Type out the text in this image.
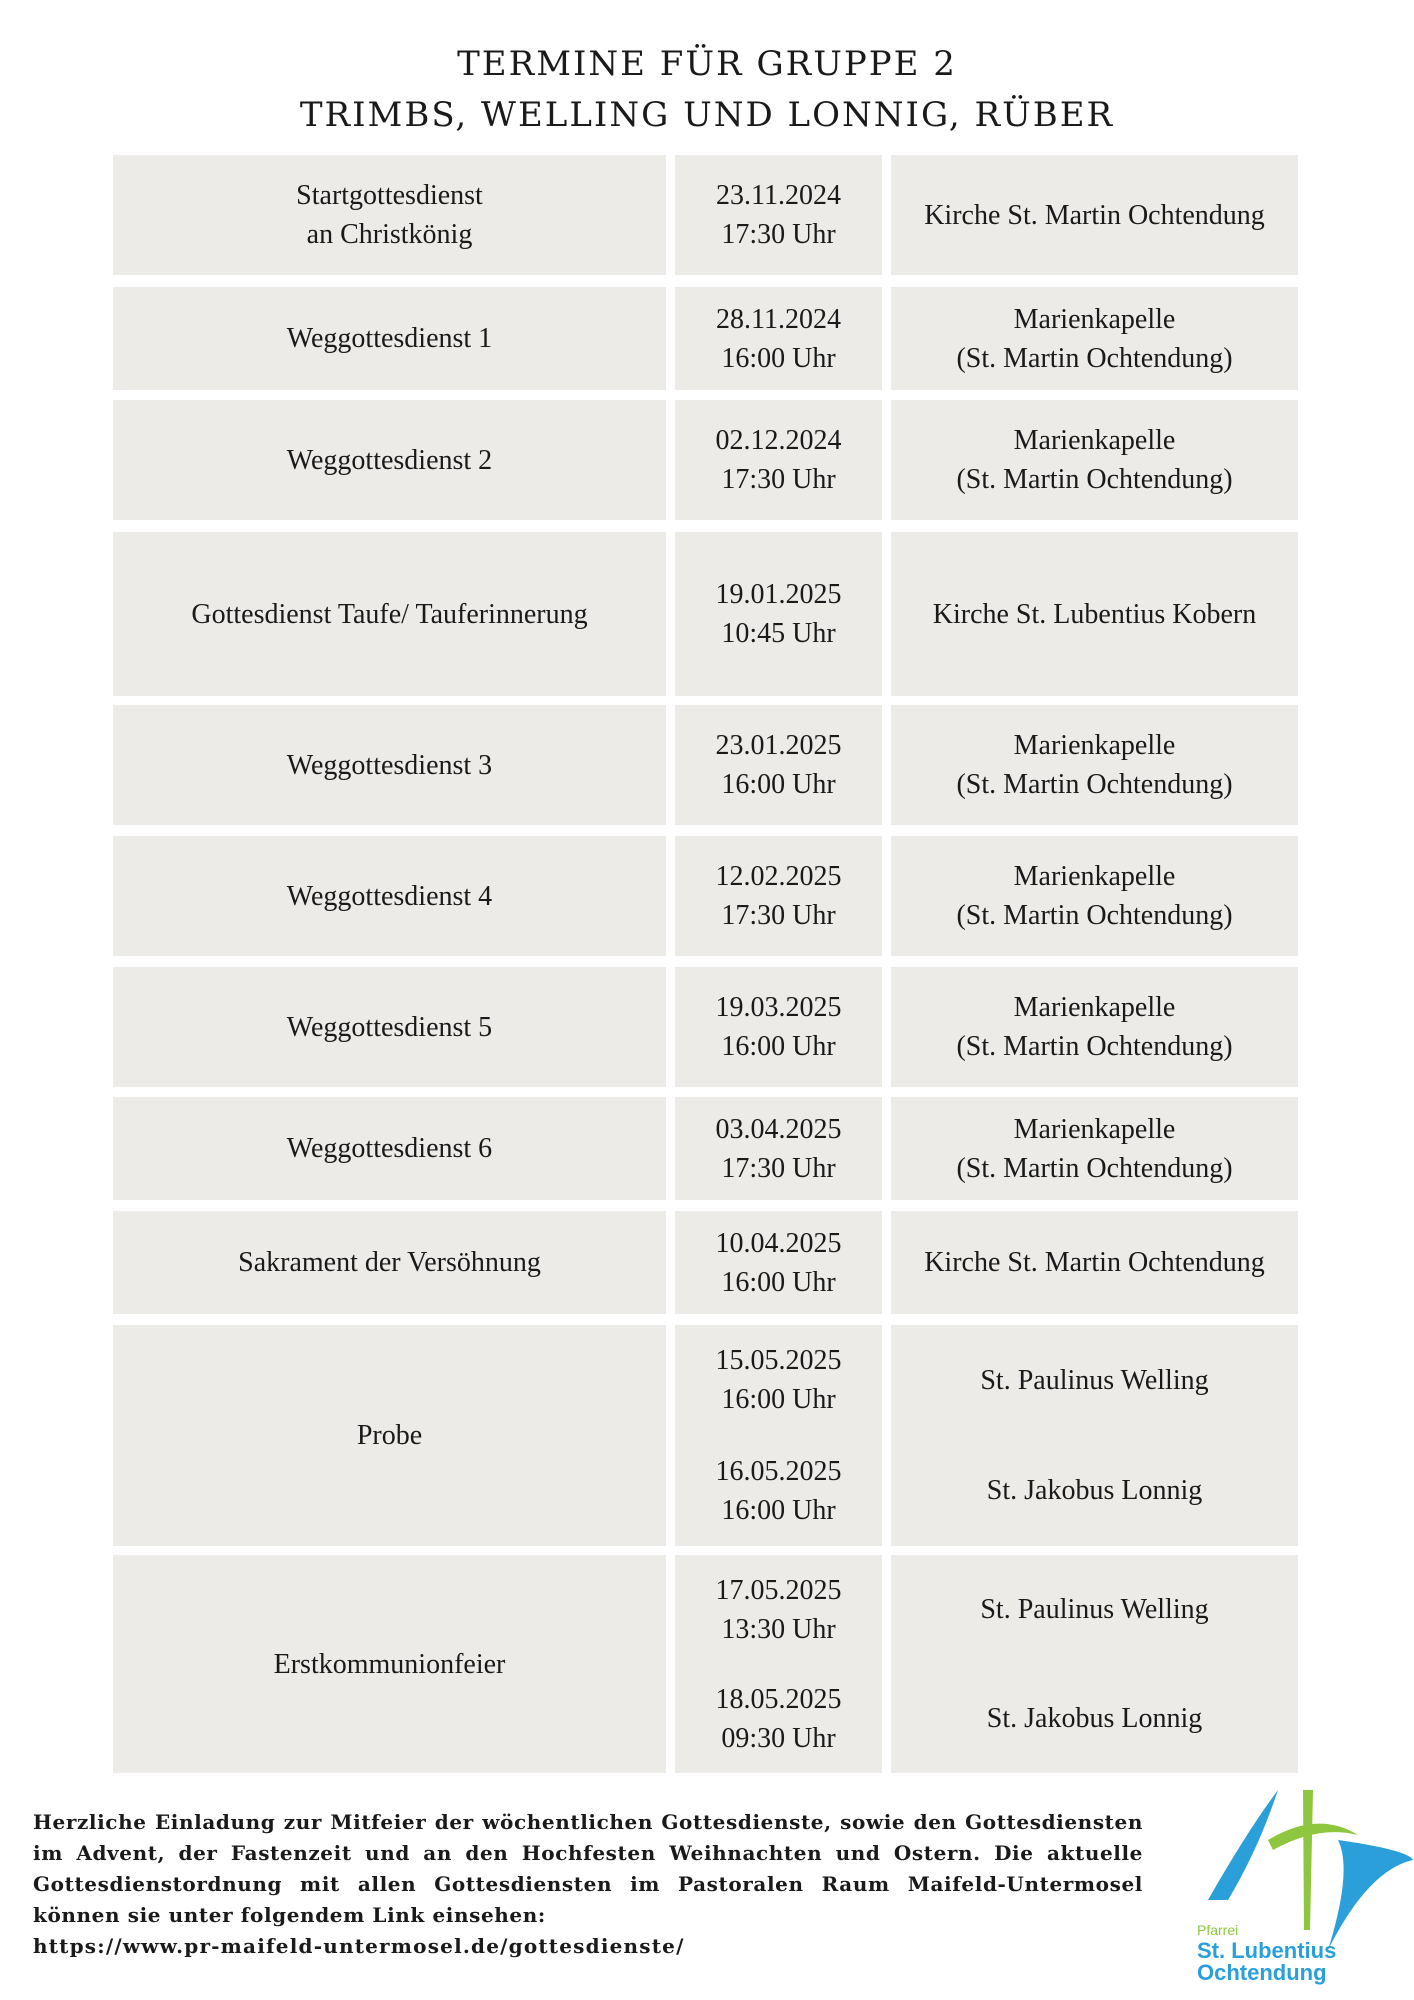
TERMINE FÜR GRUPPE 2
TRIMBS, WELLING UND LONNIG, RÜBER
Startgottesdienst
an Christkönig
23.11.2024
17:30 Uhr
Kirche St. Martin Ochtendung
Weggottesdienst 1
28.11.2024
16:00 Uhr
Marienkapelle
(St. Martin Ochtendung)
Weggottesdienst 2
02.12.2024
17:30 Uhr
Marienkapelle
(St. Martin Ochtendung)
Gottesdienst Taufe/ Tauferinnerung
19.01.2025
10:45 Uhr
Kirche St. Lubentius Kobern
Weggottesdienst 3
23.01.2025
16:00 Uhr
Marienkapelle
(St. Martin Ochtendung)
Weggottesdienst 4
12.02.2025
17:30 Uhr
Marienkapelle
(St. Martin Ochtendung)
Weggottesdienst 5
19.03.2025
16:00 Uhr
Marienkapelle
(St. Martin Ochtendung)
Weggottesdienst 6
03.04.2025
17:30 Uhr
Marienkapelle
(St. Martin Ochtendung)
Sakrament der Versöhnung
10.04.2025
16:00 Uhr
Kirche St. Martin Ochtendung
Probe
15.05.2025
16:00 Uhr
16.05.2025
16:00 Uhr
St. Paulinus Welling
St. Jakobus Lonnig
Erstkommunionfeier
17.05.2025
13:30 Uhr
18.05.2025
09:30 Uhr
St. Paulinus Welling
St. Jakobus Lonnig
Herzliche Einladung zur Mitfeier der wöchentlichen Gottesdienste, sowie den Gottesdiensten im Advent, der Fastenzeit und an den Hochfesten Weihnachten und Ostern. Die aktuelle Gottesdienstordnung mit allen Gottesdiensten im Pastoralen Raum Maifeld-Untermosel können sie unter folgendem Link einsehen:
https://www.pr-maifeld-untermosel.de/gottesdienste/
Pfarrei
St. Lubentius
Ochtendung
